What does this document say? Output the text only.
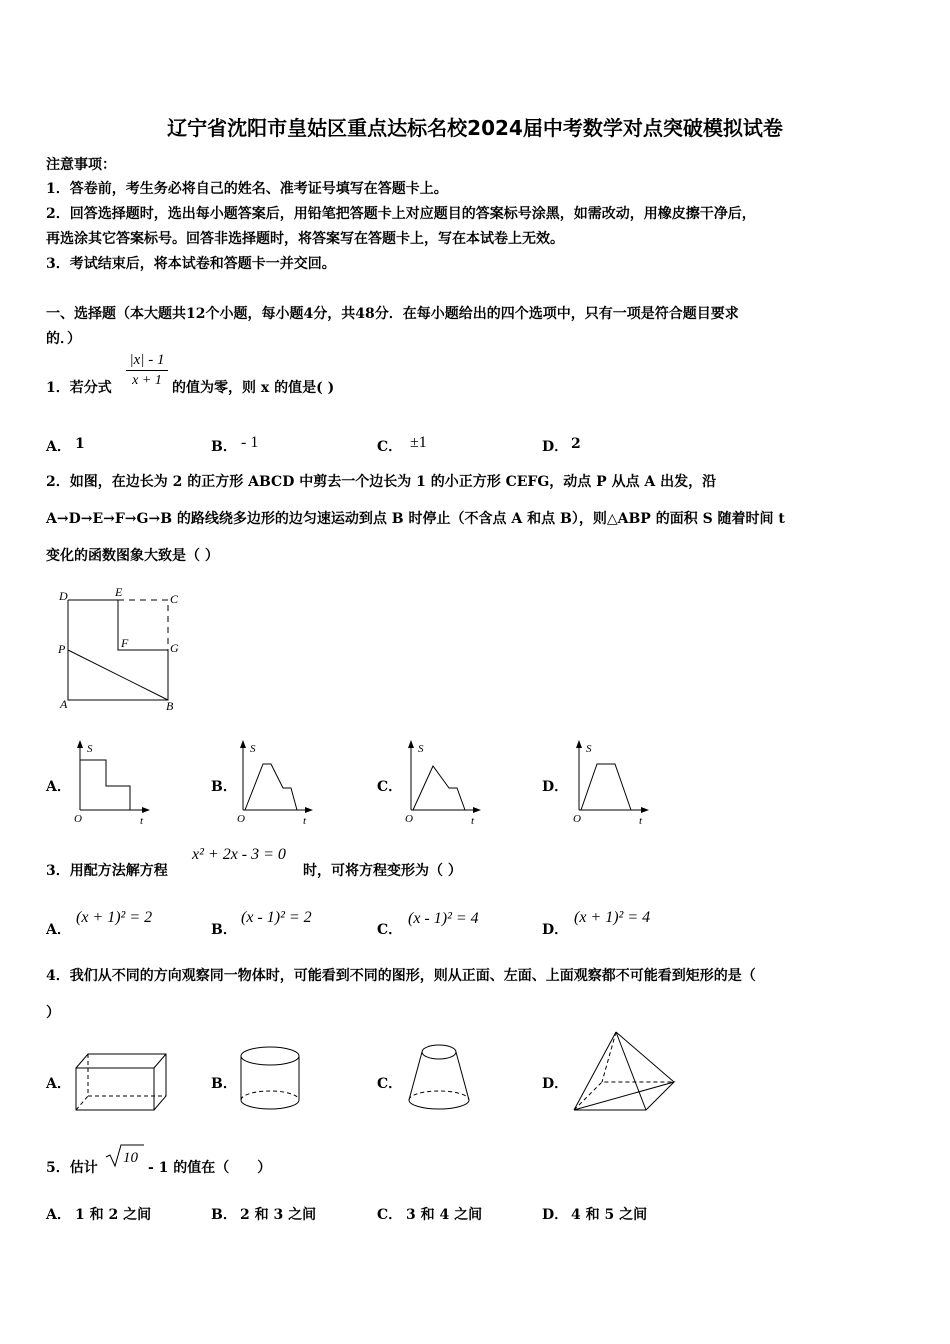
辽宁省沈阳市皇姑区重点达标名校2024届中考数学对点突破模拟试卷
注意事项：
1．答卷前，考生务必将自己的姓名、准考证号填写在答题卡上。
2．回答选择题时，选出每小题答案后，用铅笔把答题卡上对应题目的答案标号涂黑，如需改动，用橡皮擦干净后，
再选涂其它答案标号。回答非选择题时，将答案写在答题卡上，写在本试卷上无效。
3．考试结束后，将本试卷和答题卡一并交回。
一、选择题（本大题共12个小题，每小题4分，共48分．在每小题给出的四个选项中，只有一项是符合题目要求
的．）
1．若分式
|x| - 1
x + 1 的值为零，则 x 的值是( )
A． 1	B． - 1	C． ±1	D． 2
2．如图，在边长为 2 的正方形 ABCD 中剪去一个边长为 1 的小正方形 CEFG，动点 P 从点 A 出发，沿
A→D→E→F→G→B 的路线绕多边形的边匀速运动到点 B 时停止（不含点 A 和点 B），则△ABP 的面积 S 随着时间 t
变化的函数图象大致是（ ）
D	E	C
P	F	G
A	B
A．
S
t
O
B．
S
t
O
C．
S
t
O
D．
S
t
O
3．用配方法解方程
x² + 2x - 3 = 0
时，可将方程变形为（ ）
A．
(x + 1)² = 2
B．
(x - 1)² = 2
C．
(x - 1)² = 4
D．
(x + 1)² = 4
4．我们从不同的方向观察同一物体时，可能看到不同的图形，则从正面、左面、上面观察都不可能看到矩形的是（
）
A．	B．	C．	D．
5．估计
10
- 1 的值在（　　）
A． 1 和 2 之间	B． 2 和 3 之间	C． 3 和 4 之间	D． 4 和 5 之间
